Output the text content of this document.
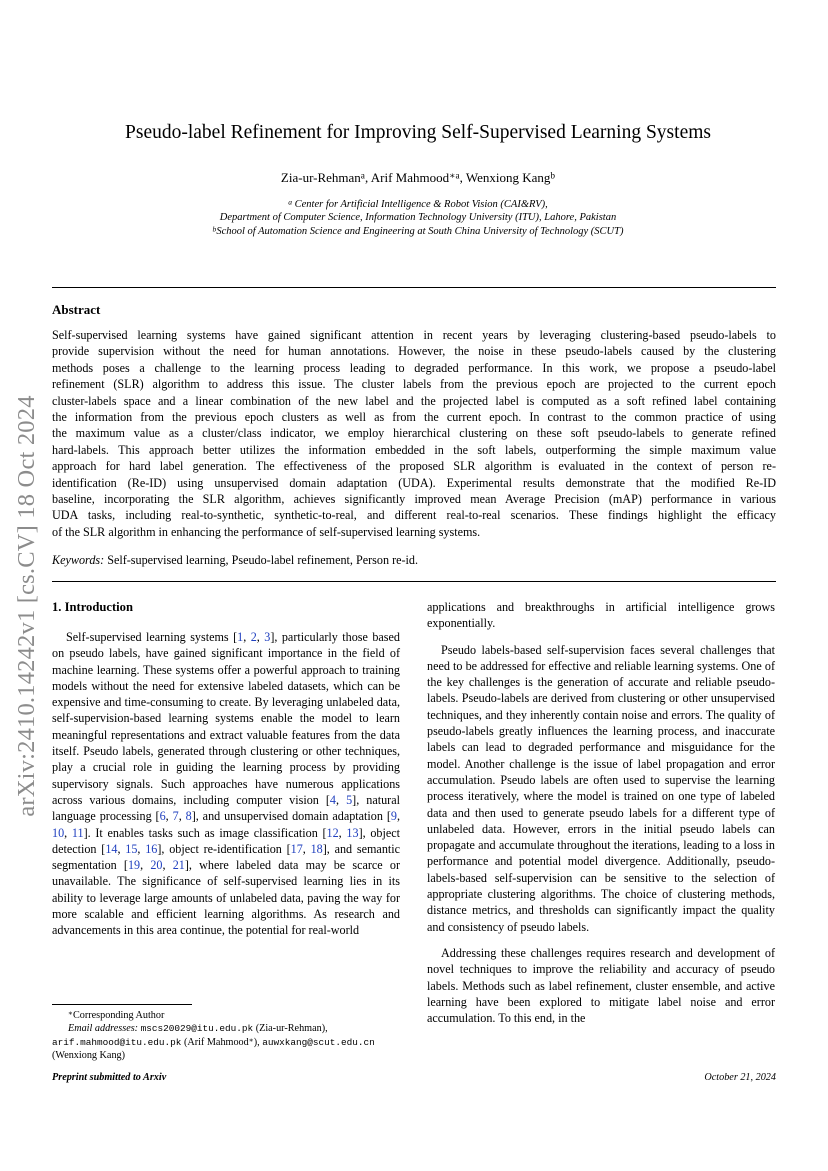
arXiv:2410.14242v1 [cs.CV] 18 Oct 2024
Pseudo-label Refinement for Improving Self-Supervised Learning Systems
Zia-ur-Rehman$^a$, Arif Mahmood$^{∗a}$, Wenxiong Kang$^b$
$^a$ Center for Artificial Intelligence & Robot Vision (CAI&RV),
Department of Computer Science, Information Technology University (ITU), Lahore, Pakistan
$^b$School of Automation Science and Engineering at South China University of Technology (SCUT)
Abstract
Self-supervised learning systems have gained significant attention in recent years by leveraging clustering-based pseudo-labels to
provide supervision without the need for human annotations. However, the noise in these pseudo-labels caused by the clustering
methods poses a challenge to the learning process leading to degraded performance. In this work, we propose a pseudo-label
refinement (SLR) algorithm to address this issue. The cluster labels from the previous epoch are projected to the current epoch
cluster-labels space and a linear combination of the new label and the projected label is computed as a soft refined label containing
the information from the previous epoch clusters as well as from the current epoch. In contrast to the common practice of using
the maximum value as a cluster/class indicator, we employ hierarchical clustering on these soft pseudo-labels to generate refined
hard-labels. This approach better utilizes the information embedded in the soft labels, outperforming the simple maximum value
approach for hard label generation. The effectiveness of the proposed SLR algorithm is evaluated in the context of person re-
identification (Re-ID) using unsupervised domain adaptation (UDA). Experimental results demonstrate that the modified Re-ID
baseline, incorporating the SLR algorithm, achieves significantly improved mean Average Precision (mAP) performance in various
UDA tasks, including real-to-synthetic, synthetic-to-real, and different real-to-real scenarios. These findings highlight the efficacy
of the SLR algorithm in enhancing the performance of self-supervised learning systems.
Keywords: Self-supervised learning, Pseudo-label refinement, Person re-id.
1. Introduction

Self-supervised learning systems [1, 2, 3], particularly those based on pseudo labels, have gained significant importance in the field of machine learning. These systems offer a powerful approach to training models without the need for extensive labeled datasets, which can be expensive and time-consuming to create. By leveraging unlabeled data, self-supervision-based learning systems enable the model to learn meaningful representations and extract valuable features from the data itself. Pseudo labels, generated through clustering or other techniques, play a crucial role in guiding the learning process by providing supervisory signals. Such approaches have numerous applications across various domains, including computer vision [4, 5], natural language processing [6, 7, 8], and unsupervised domain adaptation [9, 10, 11]. It enables tasks such as image classification [12, 13], object detection [14, 15, 16], object re-identification [17, 18], and semantic segmentation [19, 20, 21], where labeled data may be scarce or unavailable. The significance of self-supervised learning lies in its ability to leverage large amounts of unlabeled data, paving the way for more scalable and efficient learning algorithms. As research and advancements in this area continue, the potential for real-world

applications and breakthroughs in artificial intelligence grows exponentially.

Pseudo labels-based self-supervision faces several challenges that need to be addressed for effective and reliable learning systems. One of the key challenges is the generation of accurate and reliable pseudo-labels. Pseudo-labels are derived from clustering or other unsupervised techniques, and they inherently contain noise and errors. The quality of pseudo-labels greatly influences the learning process, and inaccurate labels can lead to degraded performance and misguidance for the model. Another challenge is the issue of label propagation and error accumulation. Pseudo labels are often used to supervise the learning process iteratively, where the model is trained on one type of labeled data and then used to generate pseudo labels for a different type of unlabeled data. However, errors in the initial pseudo labels can propagate and accumulate throughout the iterations, leading to a loss in performance and potential model divergence. Additionally, pseudo-labels-based self-supervision can be sensitive to the selection of appropriate clustering algorithms. The choice of clustering methods, distance metrics, and thresholds can significantly impact the quality and consistency of pseudo labels.

Addressing these challenges requires research and development of novel techniques to improve the reliability and accuracy of pseudo labels. Methods such as label refinement, cluster ensemble, and active learning have been explored to mitigate label noise and error accumulation. To this end, in the

∗Corresponding Author
Email addresses: mscs20029@itu.edu.pk (Zia-ur-Rehman),
arif.mahmood@itu.edu.pk (Arif Mahmood∗), auwxkang@scut.edu.cn
(Wenxiong Kang)
Preprint submitted to Arxiv	October 21, 2024
